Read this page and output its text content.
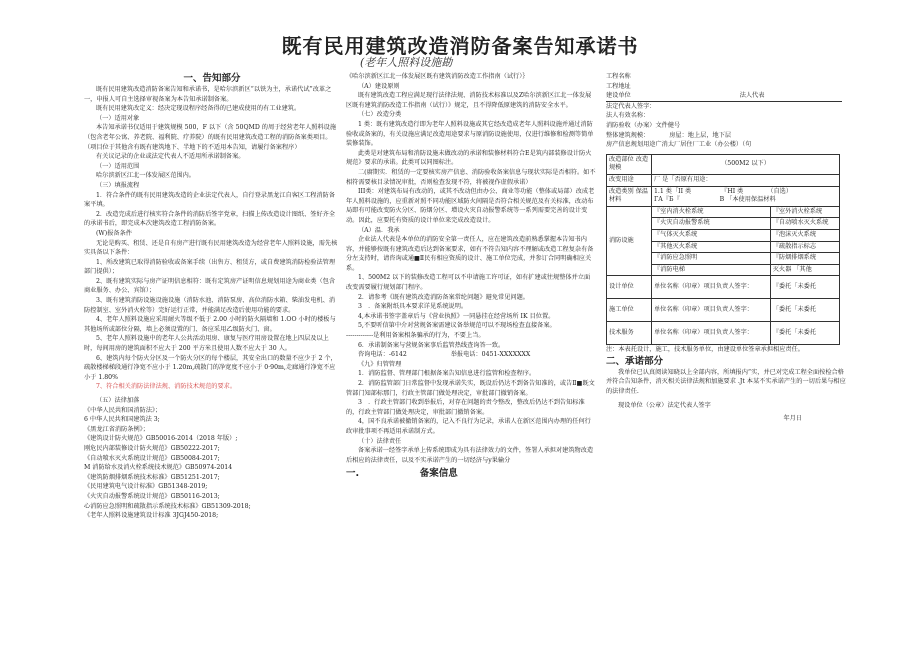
既有民用建筑改造消防备案告知承诺书
(老年人照料设施勘

一、告知部分

既有民用建筑改造消防备案告知和承诺书，是哈尔滨新区“以铁为主，承诺代试”改革之一，申报人可自主选择审视备案为本告知承诺制备案。

既有民用建筑改定义：经决定现设程序经备得的已建成使用的有工业建筑。

（一）适用对象

本告知承诺书仅适用于建筑规模 500，F 以下（含 50QMD 的周于经营老年人照料设施（包含老年公寓、养老院、福利院、疗养院）的既有民用建筑改造工程的消防备案类项目。（项目位于其他含有既有建筑地下、半地下的不适用本告知，请履行备案程序）

有关议记录的企业或法定代表人不适用所承诺制备案。

（一）适用范围

哈尔滨新区江北一体发展区范围内。

（三）填报流程

1．符合条件的既有民用建筑改造的企业法定代表人，自行登录黑龙江自客区工程消防备案平填。

2．改造完成后进行核实符合条件的消防后签字党章，扫描上传改造设计图纸、签好齐全的承诺书后，即完成本次建筑改造工程消防备案。

(W)报备条件

无论是购买、租赁、还是自有房产进行既有民用建筑改造为经营老年人照料设施，需先核实具备以下条件：

1、所改建筑已取得消防验收或备案手续（出售方、租赁方，或自费建筑消防检验法管理部门提供）；

2、既有建筑实际与房产证明信息相符：既有定筑房产证明信息规划用途为商业类（包含商业服务、办公、宾馆）；

3、既有建筑消防设施设施设施（消防水池、消防泵房、高位消防水箱、柴油发电机、消防控制室、室外消火栓等）完好运行正常，并能满足改造后使用功能的要求。

4、老年人照料设施应采用耐火等级不低于 2.00 小时的防火隔墙和 1.OO 小时的楼板与其他场所或部位分隔，墙上必须设置的门、备应采用乙级防火门、窗。

5、老年人照料设施中的老年人公共活动用房、康复与医疗用房设置在地上四层及以上时，每间用房的建筑面积不应大于 200 平方米且使用人数不应大于 30 人。

6、建筑内每个防火分区及一个防火分区的每个楼层，其安全出口的数量不应少于 2 个，疏散楼梯梯段通行净宽不应小于 1.20m,疏散门的净宽度不应小于 0·90m,走廊通行净宽不应小于 1.80%

7、符合相关消防法律法规、消防技术规范的要求。

（五）法律加落

《中华人民共和国消防法》；

6 中华人民共和国建筑法 3;

《黑龙江省消防条例》；

《建筑设计防火规范》GB50016-2014（2018 年版）;

刚危民内部装修设计防火规范》GB50222-2017;

《自动喷水灭火系统设计规范》GB50084-2017;

M 消防给水及消火栓系统技术规范》GB50974-2014

《建筑防烟排烟系统技术标准》GB51251-2017;

《民用建筑电气设计标准》GB51348-2019;

《火灾自动报警系统设计规范》GB50116-2013;

心消防应急照明和疏散指示系统技术标准》GB51309-2018;

《老年人照料设施建筑设计标准 3JGJ450-2018;

《哈尔滨新区江北一体发展区既有建筑消防改造工作指南（试行）｝

（A）建设原则

既有建筑改造工程应满足现行法律法规、消防技术标准以及Z哈尔滨新区江北一体发展区既有建筑消防改造工作指南（试行）》规定，且不得降低原建筑的消防安全水平。

（七）改造分类

1 类：既有建筑改造行即为老年人照料设施或其它经改造成老年人照料设施并通过消防验收或备案的，有关设施应满足改造用途要求与原消防设施使用，仅进行维修和检测等简单装修装饰。

此类是对建筑布局和消防设施未做改动的承诺和装修材料符合E是筑内部装修设计防火规范》要求的承诺。此类可以同图标注。

二(赓期实．租赁的一定要核实房产信息、消防验收备案信息与现状实际是否相符。如不相符需要核目录情况审批，否则检查发现不符，将被视作虚假承诺）

III类：对建筑布局有改动的，或其不改动但由办公、商业等功能（整体或局部）改成老年人照料设施的，应重新对照不同功能区域防火间隔是否符合相关规范及有关标准，改动布局即有可能改变防火分区、防烟分区、增设火灾自动报警系统等一系列需要完善的设计变动。因此，应要托有资质的设计单位来完成改造设计。

（A）温．我承

企业法人代表是本单位的消防安全第一责任人，应在建筑改造前熟悉掌握本告知书内容，并能够按既有建筑改造后达到备案要求，如有不符告知内容不理解或改造工程复杂有备分左支持时，请咨询或通■Ⅱ民有相应资质的设计、施工单位完成，并参订合同明确相应关系。

1、500M2 以下的装修改造工程可以不申请施工许可证，如有扩建或往规整体并立面改变需要履行规划部门程序。

2．请参考《既有建筑改造消防备案常纶问题》避免常见问题。

3　．备案附纸具本要求详见系统说明。

4,本承诺书签字盖章后与《营业执照》一同悬挂在经营场所 IK 目位置。

5,不要听信第中介对营规备案需建议备举规范可以不现场检查直接备案。

-------------是利用备案相条骗承的行为，不要上当。

6．承诺制备案与营规备案事后监管热线查询答一致。

咨询电话：-6142	举报电话：0451-XXXXXXX

《九》归管管理

1．消防监督、管理部门根据备案告知信息进行监管和检查程序。

2．消防监管部门日常监督中发现承诺失实，既设后仍达不到备告知准的，或告Ⅱ■既文管部门知部标那门，行政主管部门做处理决定，审批部门撤销备案。

3　．行政主管部门收到举报后，对存在问题的责令整改，整改后仍达不到告知标准的，行政主管部门做处理决定，审批部门撤销备案。

4，国不良承诺被撤销备案的，记入不良行为记录，承诺人在新区范围内办理的任何行政审批事项不再适用承诺制方式。

（十）法律责任

备案承诺一经签字承单上传系统即成为具有法律效力的文件，签署人承担对建筑物改造后相应的法律责任，以及不实承诺产生的一切经济与y果输分

一.	备案信息

工程名称

工程地址

建设单位	法人代表

法定代表人签字：

法人有效名称：

消防验收（办案）文件健号

整体建筑规模：	房屋：地上层，地下层

房产信息规划用途广消太厂居住厂工业（办公楼）（句

改造部位 改造规模	（500M2 以下）	
改变用途	厂 是「否原有用途：	
改造类别 保温材料	1.1 类「II 类 『HI 类 （自选）
ΓA『Б『 B 「本使用保温材料	
消防设施	『室内消火栓系统	『室外消火栓系统
	『火灾自动报警系统	『自动喷水灭火系统
	『气体灭火系统	『泡沫灭火系统
	『其他灭火系统	『疏散指示标志
	『消防应急照明	『防烟排烟系统
	『消防电梯	灭火器 「其他
设计单位	单位名称（印章）项目负责人签字：	『委托「未委托
施工单位	单位名称（印章）项目负责人签字：	「委托「未委托
技术服务	单位名称（印章）项目负责人签字：	『委托「未委托

注：本表托设计，施工，技术服务单位，由建设单位签章承担相应责任。

二、承诺部分

我单位已认真阅读知晓以上全部内容，所填报内“实，并已对完成工程全面按检合格并符合告知条件，消灭相关法律法规和加施要求 .Jt 本某不实承诺产生的一切后果与相应的法律责任.

现设单位（公章）法定代表人签字

年月日
